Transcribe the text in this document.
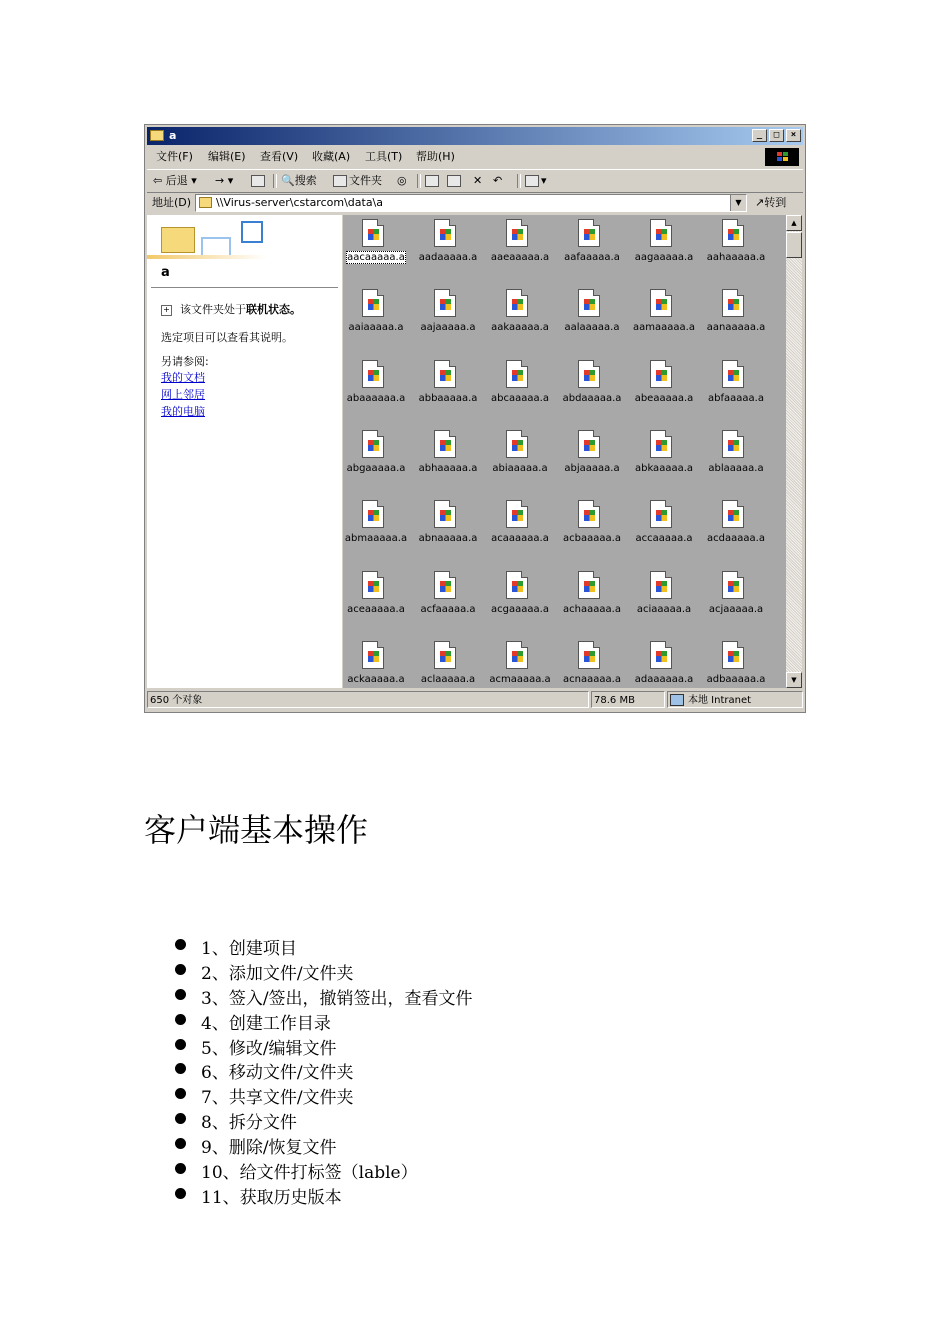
a	_	□	×
文件(F) 编辑(E) 查看(V) 收藏(A) 工具(T) 帮助(H)
⇦ 后退 ▾ → ▾	🔍搜索	文件夹 ◎	✕ ↶	▾
地址(D) \\Virus-server\cstarcom\data\a	▼	↗转到
a
+ 该文件夹处于联机状态。
选定项目可以查看其说明。
另请参阅:
我的文档
网上邻居
我的电脑
aacaaaaa.a	aadaaaaa.a	aaeaaaaa.a	aafaaaaa.a	aagaaaaa.a	aahaaaaa.a
aaiaaaaa.a	aajaaaaa.a	aakaaaaa.a	aalaaaaa.a	aamaaaaa.a	aanaaaaa.a
abaaaaaa.a	abbaaaaa.a	abcaaaaa.a	abdaaaaa.a	abeaaaaa.a	abfaaaaa.a
abgaaaaa.a	abhaaaaa.a	abiaaaaa.a	abjaaaaa.a	abkaaaaa.a	ablaaaaa.a
abmaaaaa.a	abnaaaaa.a	acaaaaaa.a	acbaaaaa.a	accaaaaa.a	acdaaaaa.a
aceaaaaa.a	acfaaaaa.a	acgaaaaa.a	achaaaaa.a	aciaaaaa.a	acjaaaaa.a
ackaaaaa.a	aclaaaaa.a	acmaaaaa.a	acnaaaaa.a	adaaaaaa.a	adbaaaaa.a
▲
▼
650 个对象	78.6 MB	本地 Intranet
客户端基本操作
1、创建项目
2、添加文件/文件夹
3、签入/签出，撤销签出，查看文件
4、创建工作目录
5、修改/编辑文件
6、移动文件/文件夹
7、共享文件/文件夹
8、拆分文件
9、删除/恢复文件
10、给文件打标签（lable）
11、获取历史版本
